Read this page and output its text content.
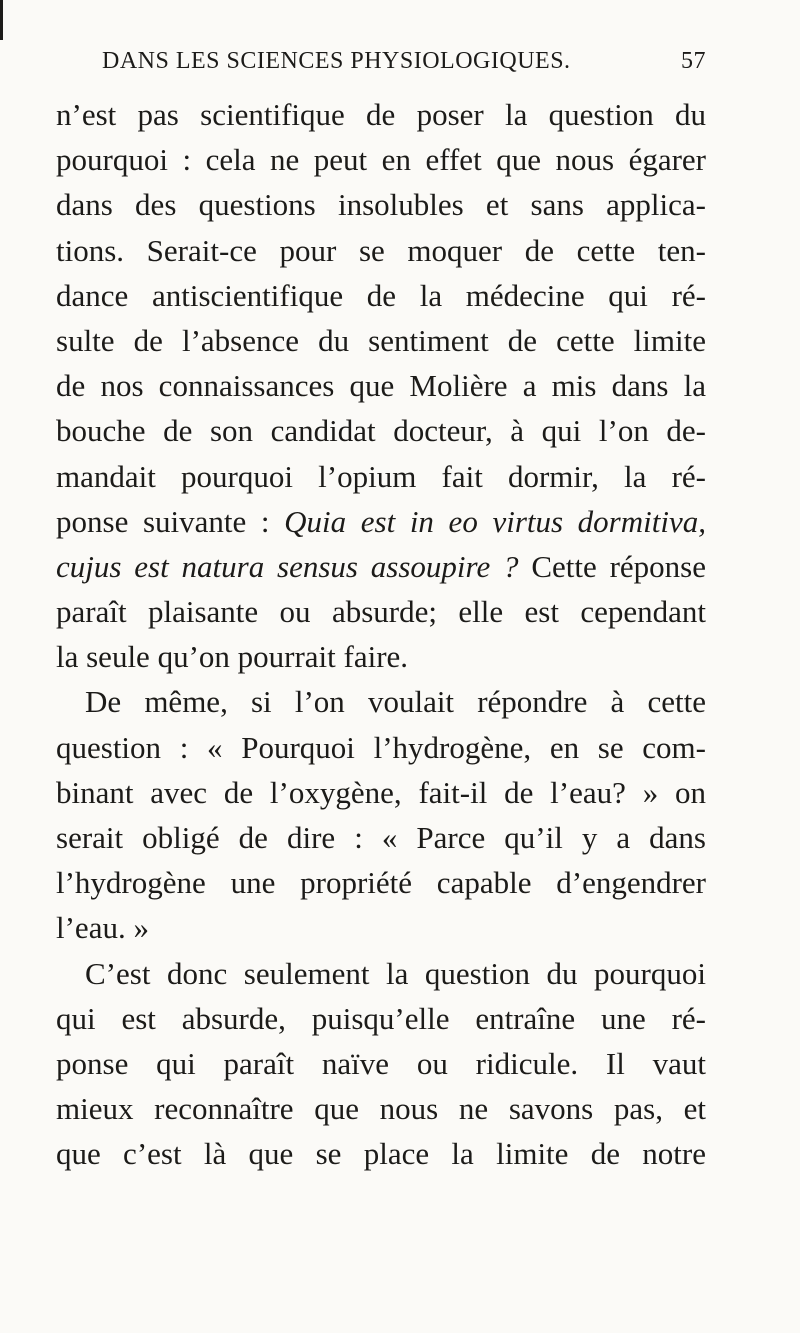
DANS LES SCIENCES PHYSIOLOGIQUES.	57
n’est pas scientifique de poser la question du
pourquoi : cela ne peut en effet que nous égarer
dans des questions insolubles et sans applica-
tions. Serait-ce pour se moquer de cette ten-
dance antiscientifique de la médecine qui ré-
sulte de l’absence du sentiment de cette limite
de nos connaissances que Molière a mis dans la
bouche de son candidat docteur, à qui l’on de-
mandait pourquoi l’opium fait dormir, la ré-
ponse suivante : Quia est in eo virtus dormitiva,
cujus est natura sensus assoupire ? Cette réponse
paraît plaisante ou absurde; elle est cependant
la seule qu’on pourrait faire.
De même, si l’on voulait répondre à cette
question : « Pourquoi l’hydrogène, en se com-
binant avec de l’oxygène, fait-il de l’eau? » on
serait obligé de dire : « Parce qu’il y a dans
l’hydrogène une propriété capable d’engendrer
l’eau. »
C’est donc seulement la question du pourquoi
qui est absurde, puisqu’elle entraîne une ré-
ponse qui paraît naïve ou ridicule. Il vaut
mieux reconnaître que nous ne savons pas, et
que c’est là que se place la limite de notre
